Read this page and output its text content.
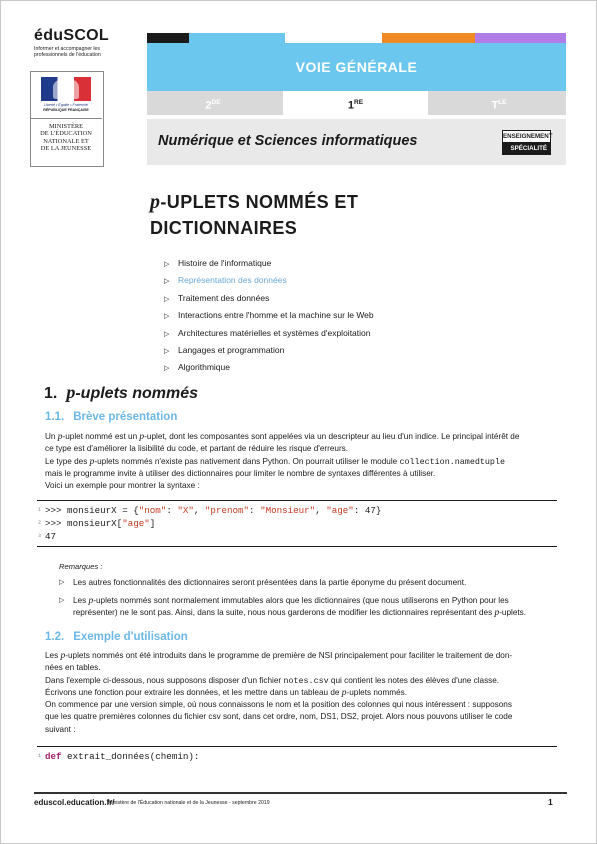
éduSCOL
Informer et accompagner les professionnels de l'éducation
Liberté • Égalité • Fraternité
RÉPUBLIQUE FRANÇAISE
MINISTÈRE
DE L'ÉDUCATION
NATIONALE ET
DE LA JEUNESSE
VOIE GÉNÉRALE
2DE	1RE	$T^{LE}$
Numérique et Sciences informatiques	ENSEIGNEMENT
SPÉCIALITÉ
p-UPLETS NOMMÉS ET
DICTIONNAIRES
▷ Histoire de l'informatique
▷ Représentation des données
▷ Traitement des données
▷ Interactions entre l'homme et la machine sur le Web
▷ Architectures matérielles et systèmes d'exploitation
▷ Langages et programmation
▷ Algorithmique
1. p-uplets nommés
1.1. Brève présentation
Un p-uplet nommé est un p-uplet, dont les composantes sont appelées via un descripteur au lieu d'un indice. Le principal intérêt de
ce type est d'améliorer la lisibilité du code, et partant de réduire les risque d'erreurs.
Le type des p-uplets nommés n'existe pas nativement dans Python. On pourrait utiliser le module collection.namedtuple
mais le programme invite à utiliser des dictionnaires pour limiter le nombre de syntaxes différentes à utiliser.
Voici un exemple pour montrer la syntaxe :
1 >>> monsieurX = {"nom": "X", "prenom": "Monsieur", "age": 47}
2 >>> monsieurX["age"]
3 47
Remarques :
▷ Les autres fonctionnalités des dictionnaires seront présentées dans la partie éponyme du présent document.
▷ Les p-uplets nommés sont normalement immutables alors que les dictionnaires (que nous utiliserons en Python pour les
représenter) ne le sont pas. Ainsi, dans la suite, nous nous garderons de modifier les dictionnaires représentant des p-uplets.
1.2. Exemple d'utilisation
Les p-uplets nommés ont été introduits dans le programme de première de NSI principalement pour faciliter le traitement de don-
nées en tables.
Dans l'exemple ci-dessous, nous supposons disposer d'un fichier notes.csv qui contient les notes des élèves d'une classe.
Écrivons une fonction pour extraire les données, et les mettre dans un tableau de p-uplets nommés.
On commence par une version simple, où nous connaissons le nom et la position des colonnes qui nous intéressent : supposons
que les quatre premières colonnes du fichier csv sont, dans cet ordre, nom, DS1, DS2, projet. Alors nous pouvons utiliser le code
suivant :
1 def extrait_données(chemin):
eduscol.education.fr/
Ministère de l'Éducation nationale et de la Jeunesse - septembre 2019	1
